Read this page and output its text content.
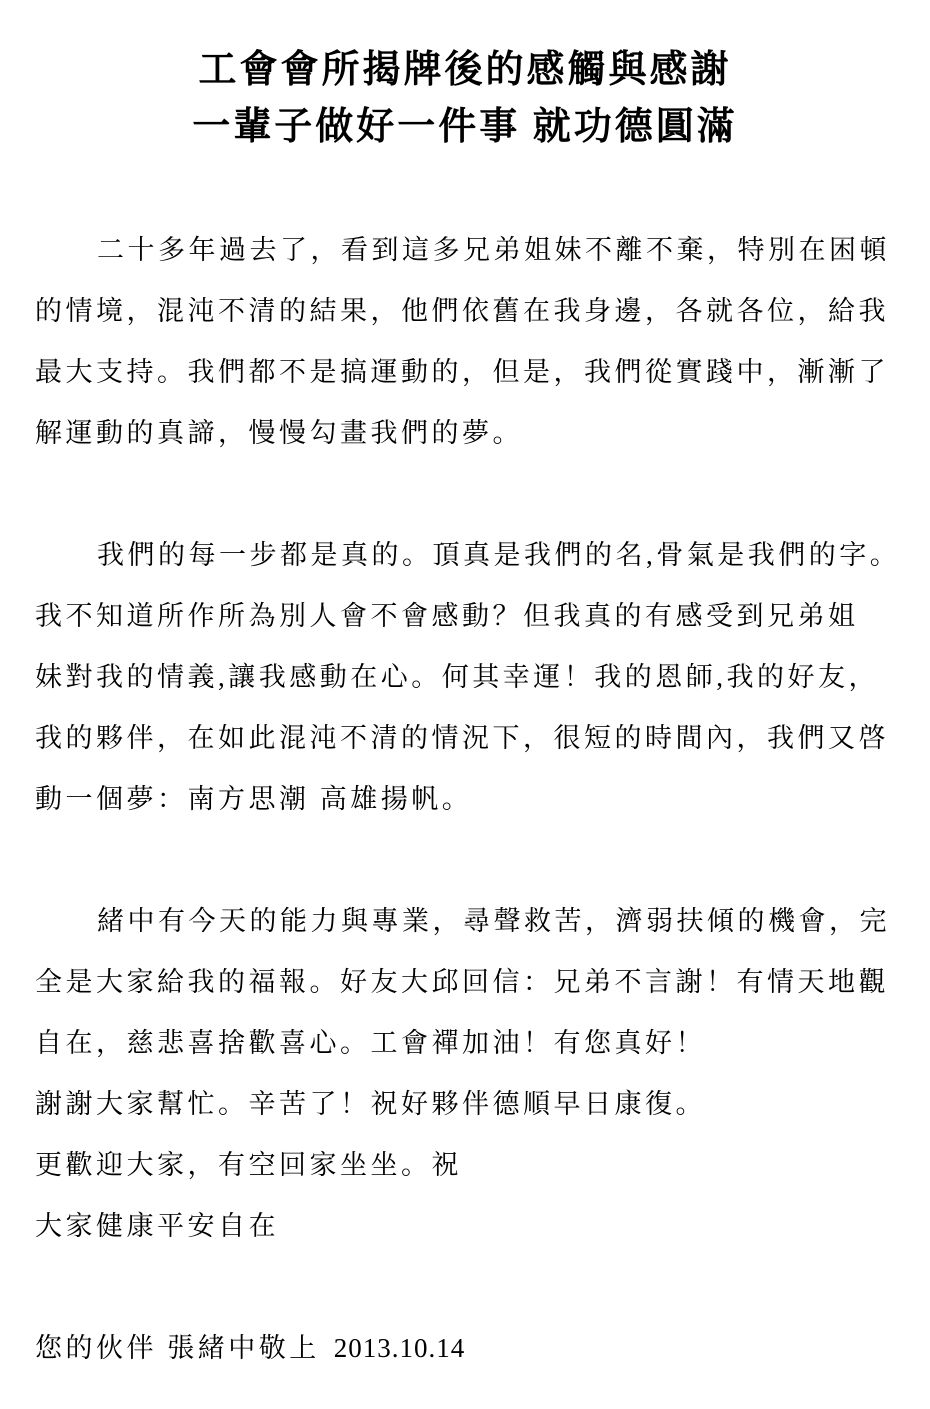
工會會所揭牌後的感觸與感謝
一輩子做好一件事 就功德圓滿
二十多年過去了，看到這多兄弟姐妹不離不棄，特別在困頓
的情境，混沌不清的結果，他們依舊在我身邊，各就各位，給我
最大支持。我們都不是搞運動的，但是，我們從實踐中，漸漸了
解運動的真諦，慢慢勾畫我們的夢。
我們的每一步都是真的。頂真是我們的名,骨氣是我們的字。
我不知道所作所為別人會不會感動？但我真的有感受到兄弟姐
妹對我的情義,讓我感動在心。何其幸運！我的恩師,我的好友，
我的夥伴，在如此混沌不清的情況下，很短的時間內，我們又啓
動一個夢：南方思潮 高雄揚帆。
緒中有今天的能力與專業，尋聲救苦，濟弱扶傾的機會，完
全是大家給我的福報。好友大邱回信：兄弟不言謝！有情天地觀
自在，慈悲喜捨歡喜心。工會禪加油！有您真好！
謝謝大家幫忙。辛苦了！祝好夥伴德順早日康復。
更歡迎大家，有空回家坐坐。祝
大家健康平安自在
您的伙伴 張緒中敬上 2013.10.14
